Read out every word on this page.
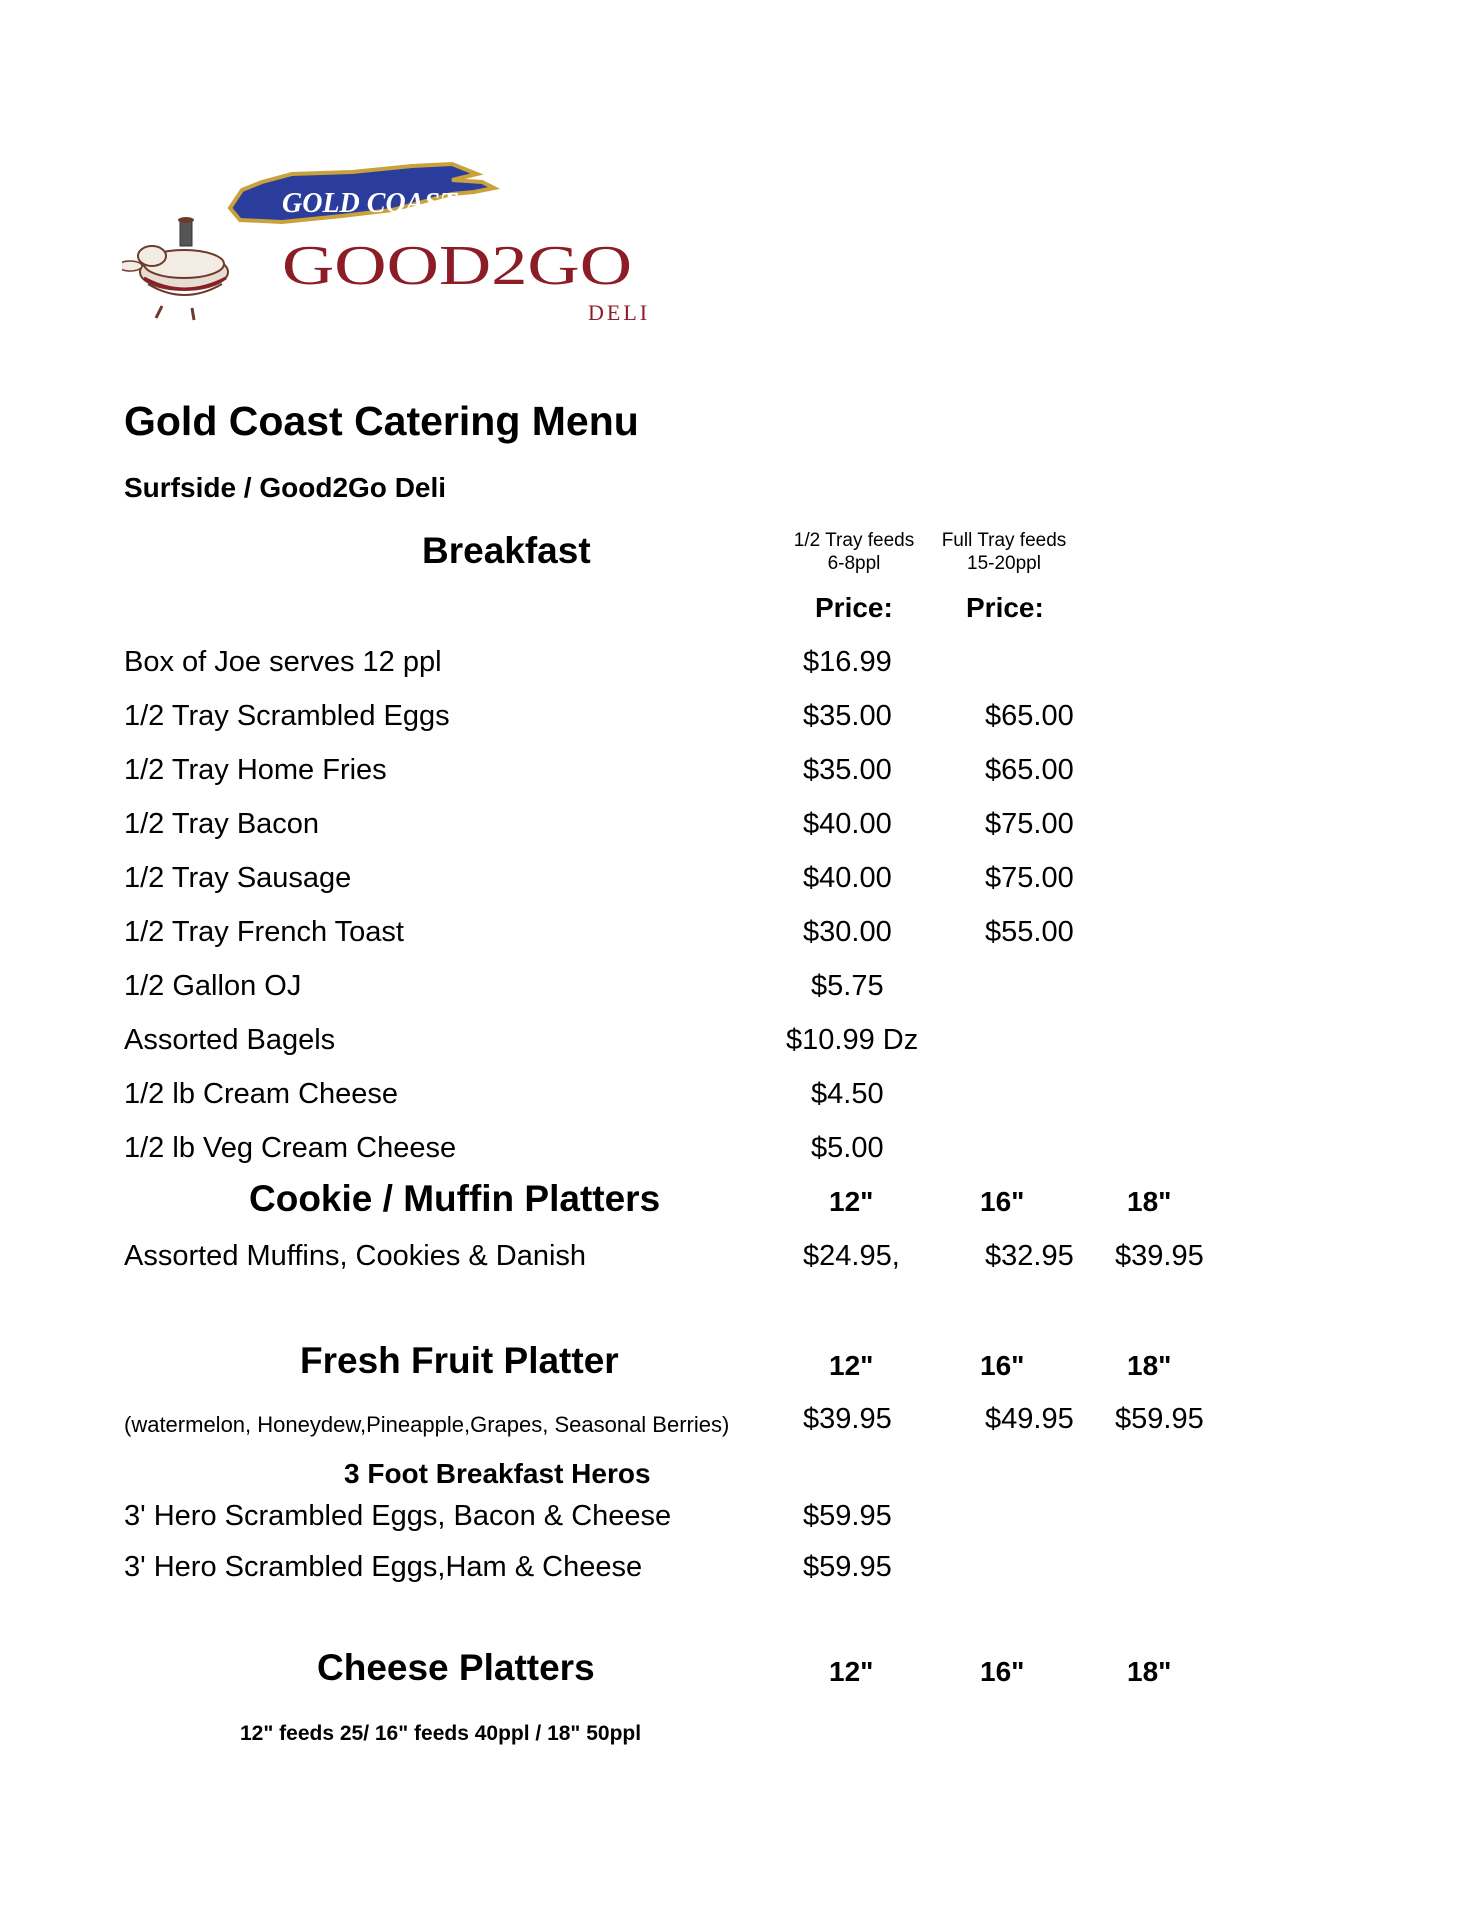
GOLD COAST
GOOD2GO
DELI
Gold Coast Catering Menu
Surfside / Good2Go Deli
Breakfast	1/2 Tray feeds
6-8ppl
Full Tray feeds
15-20ppl
Price:	Price:
Box of Joe serves 12 ppl	$16.99
1/2 Tray Scrambled Eggs	$35.00	$65.00
1/2 Tray Home Fries	$35.00	$65.00
1/2 Tray Bacon	$40.00	$75.00
1/2 Tray Sausage	$40.00	$75.00
1/2 Tray French Toast	$30.00	$55.00
1/2 Gallon OJ	$5.75
Assorted Bagels	$10.99 Dz
1/2 lb Cream Cheese	$4.50
1/2 lb Veg Cream Cheese	$5.00
Cookie / Muffin Platters	12"	16"	18"
Assorted Muffins, Cookies & Danish	$24.95,	$32.95 $39.95
Fresh Fruit Platter	12"	16"	18"
(watermelon, Honeydew,Pineapple,Grapes, Seasonal Berries)	$39.95	$49.95 $59.95
3 Foot Breakfast Heros
3' Hero Scrambled Eggs, Bacon & Cheese	$59.95
3' Hero Scrambled Eggs,Ham & Cheese	$59.95
Cheese Platters	12"	16"	18"
12" feeds 25/ 16" feeds 40ppl / 18" 50ppl
